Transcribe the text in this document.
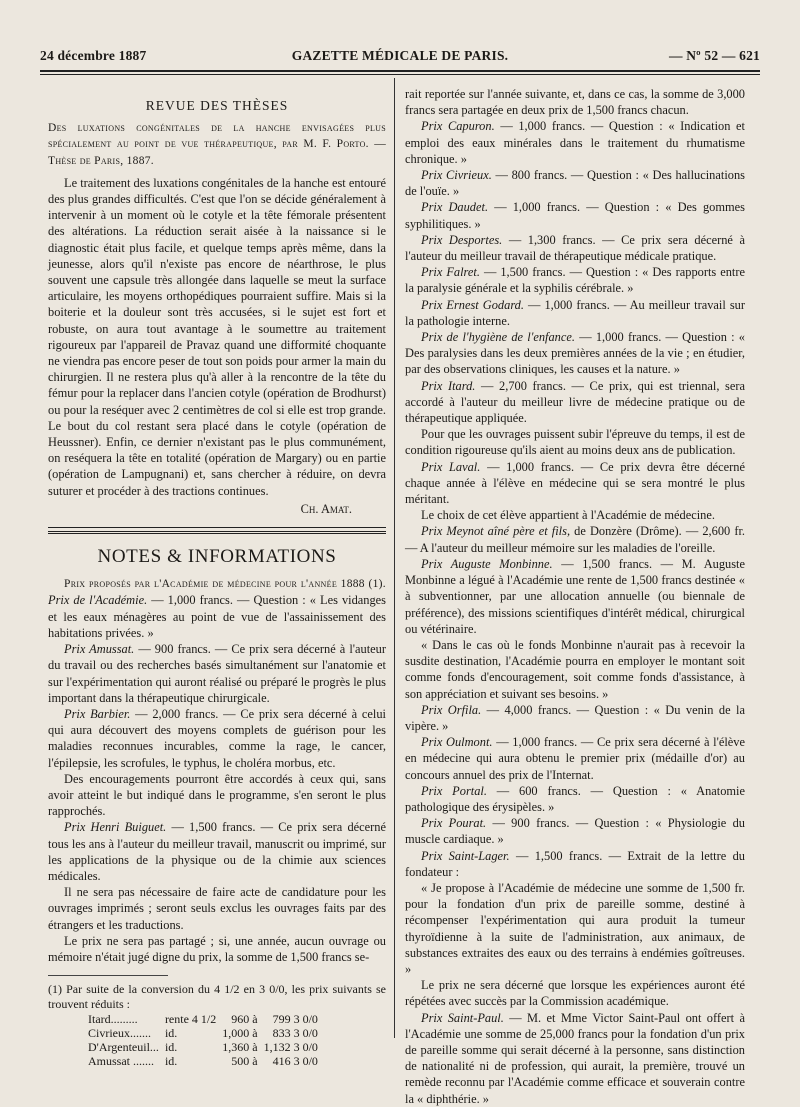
24 décembre 1887	GAZETTE MÉDICALE DE PARIS.	— Nº 52 — 621
REVUE DES THÈSES

Des luxations congénitales de la hanche envisagées plus spécialement au point de vue thérapeutique, par M. F. Porto. — Thèse de Paris, 1887.

Le traitement des luxations congénitales de la hanche est entouré des plus grandes difficultés. C'est que l'on se décide généralement à intervenir à un moment où le cotyle et la tête fémorale présentent des altérations. La réduction serait aisée à la naissance si le diagnostic était plus facile, et quelque temps après même, dans la jeunesse, alors qu'il n'existe pas encore de néarthrose, le plus souvent une capsule très allongée dans laquelle se meut la surface articulaire, les moyens orthopédiques pourraient suffire. Mais si la boiterie et la douleur sont très accusées, si le sujet est fort et robuste, on aura tout avantage à le soumettre au traitement rigoureux par l'appareil de Pravaz quand une difformité choquante ne viendra pas encore peser de tout son poids pour armer la main du chirurgien. Il ne restera plus qu'à aller à la rencontre de la tête du fémur pour la replacer dans l'ancien cotyle (opération de Brodhurst) ou pour la reséquer avec 2 centimètres de col si elle est trop grande. Le bout du col restant sera placé dans le cotyle (opération de Heussner). Enfin, ce dernier n'existant pas le plus communément, on reséquera la tête en totalité (opération de Margary) ou en partie (opération de Lampugnani) et, sans chercher à réduire, on devra suturer et procéder à des tractions continues.

Ch. Amat.
NOTES & INFORMATIONS

Prix proposés par l'Académie de médecine pour l'année 1888 (1). Prix de l'Académie. — 1,000 francs. — Question : « Les vidanges et les eaux ménagères au point de vue de l'assainissement des habitations privées. »

Prix Amussat. — 900 francs. — Ce prix sera décerné à l'auteur du travail ou des recherches basés simultanément sur l'anatomie et sur l'expérimentation qui auront réalisé ou préparé le progrès le plus important dans la thérapeutique chirurgicale.

Prix Barbier. — 2,000 francs. — Ce prix sera décerné à celui qui aura découvert des moyens complets de guérison pour les maladies reconnues incurables, comme la rage, le cancer, l'épilepsie, les scrofules, le typhus, le choléra morbus, etc.

Des encouragements pourront être accordés à ceux qui, sans avoir atteint le but indiqué dans le programme, s'en seront le plus rapprochés.

Prix Henri Buiguet. — 1,500 francs. — Ce prix sera décerné tous les ans à l'auteur du meilleur travail, manuscrit ou imprimé, sur les applications de la physique ou de la chimie aux sciences médicales.

Il ne sera pas nécessaire de faire acte de candidature pour les ouvrages imprimés ; seront seuls exclus les ouvrages faits par des étrangers et les traductions.

Le prix ne sera pas partagé ; si, une année, aucun ouvrage ou mémoire n'était jugé digne du prix, la somme de 1,500 francs se-

(1) Par suite de la conversion du 4 1/2 en 3 0/0, les prix suivants se trouvent réduits :

Itard.........	rente 4 1/2	960 à	799 3 0/0
Civrieux.......	id.	1,000 à	833 3 0/0
D'Argenteuil...	id.	1,360 à	1,132 3 0/0
Amussat .......	id.	500 à	416 3 0/0

rait reportée sur l'année suivante, et, dans ce cas, la somme de 3,000 francs sera partagée en deux prix de 1,500 francs chacun.

Prix Capuron. — 1,000 francs. — Question : « Indication et emploi des eaux minérales dans le traitement du rhumatisme chronique. »

Prix Civrieux. — 800 francs. — Question : « Des hallucinations de l'ouïe. »

Prix Daudet. — 1,000 francs. — Question : « Des gommes syphilitiques. »

Prix Desportes. — 1,300 francs. — Ce prix sera décerné à l'auteur du meilleur travail de thérapeutique médicale pratique.

Prix Falret. — 1,500 francs. — Question : « Des rapports entre la paralysie générale et la syphilis cérébrale. »

Prix Ernest Godard. — 1,000 francs. — Au meilleur travail sur la pathologie interne.

Prix de l'hygiène de l'enfance. — 1,000 francs. — Question : « Des paralysies dans les deux premières années de la vie ; en étudier, par des observations cliniques, les causes et la nature. »

Prix Itard. — 2,700 francs. — Ce prix, qui est triennal, sera accordé à l'auteur du meilleur livre de médecine pratique ou de thérapeutique appliquée.

Pour que les ouvrages puissent subir l'épreuve du temps, il est de condition rigoureuse qu'ils aient au moins deux ans de publication.

Prix Laval. — 1,000 francs. — Ce prix devra être décerné chaque année à l'élève en médecine qui se sera montré le plus méritant.

Le choix de cet élève appartient à l'Académie de médecine.

Prix Meynot aîné père et fils, de Donzère (Drôme). — 2,600 fr. — A l'auteur du meilleur mémoire sur les maladies de l'oreille.

Prix Auguste Monbinne. — 1,500 francs. — M. Auguste Monbinne a légué à l'Académie une rente de 1,500 francs destinée « à subventionner, par une allocation annuelle (ou biennale de préférence), des missions scientifiques d'intérêt médical, chirurgical ou vétérinaire.

« Dans le cas où le fonds Monbinne n'aurait pas à recevoir la susdite destination, l'Académie pourra en employer le montant soit comme fonds d'encouragement, soit comme fonds d'assistance, à son appréciation et suivant ses besoins. »

Prix Orfila. — 4,000 francs. — Question : « Du venin de la vipère. »

Prix Oulmont. — 1,000 francs. — Ce prix sera décerné à l'élève en médecine qui aura obtenu le premier prix (médaille d'or) au concours annuel des prix de l'Internat.

Prix Portal. — 600 francs. — Question : « Anatomie pathologique des érysipèles. »

Prix Pourat. — 900 francs. — Question : « Physiologie du muscle cardiaque. »

Prix Saint-Lager. — 1,500 francs. — Extrait de la lettre du fondateur :

« Je propose à l'Académie de médecine une somme de 1,500 fr. pour la fondation d'un prix de pareille somme, destiné à récompenser l'expérimentation qui aura produit la tumeur thyroïdienne à la suite de l'administration, aux animaux, de substances extraites des eaux ou des terrains à endémies goîtreuses. »

Le prix ne sera décerné que lorsque les expériences auront été répétées avec succès par la Commission académique.

Prix Saint-Paul. — M. et Mme Victor Saint-Paul ont offert à l'Académie une somme de 25,000 francs pour la fondation d'un prix de pareille somme qui serait décerné à la personne, sans distinction de nationalité ni de profession, qui aurait, la première, trouvé un remède reconnu par l'Académie comme efficace et souverain contre la « diphthérie. »
